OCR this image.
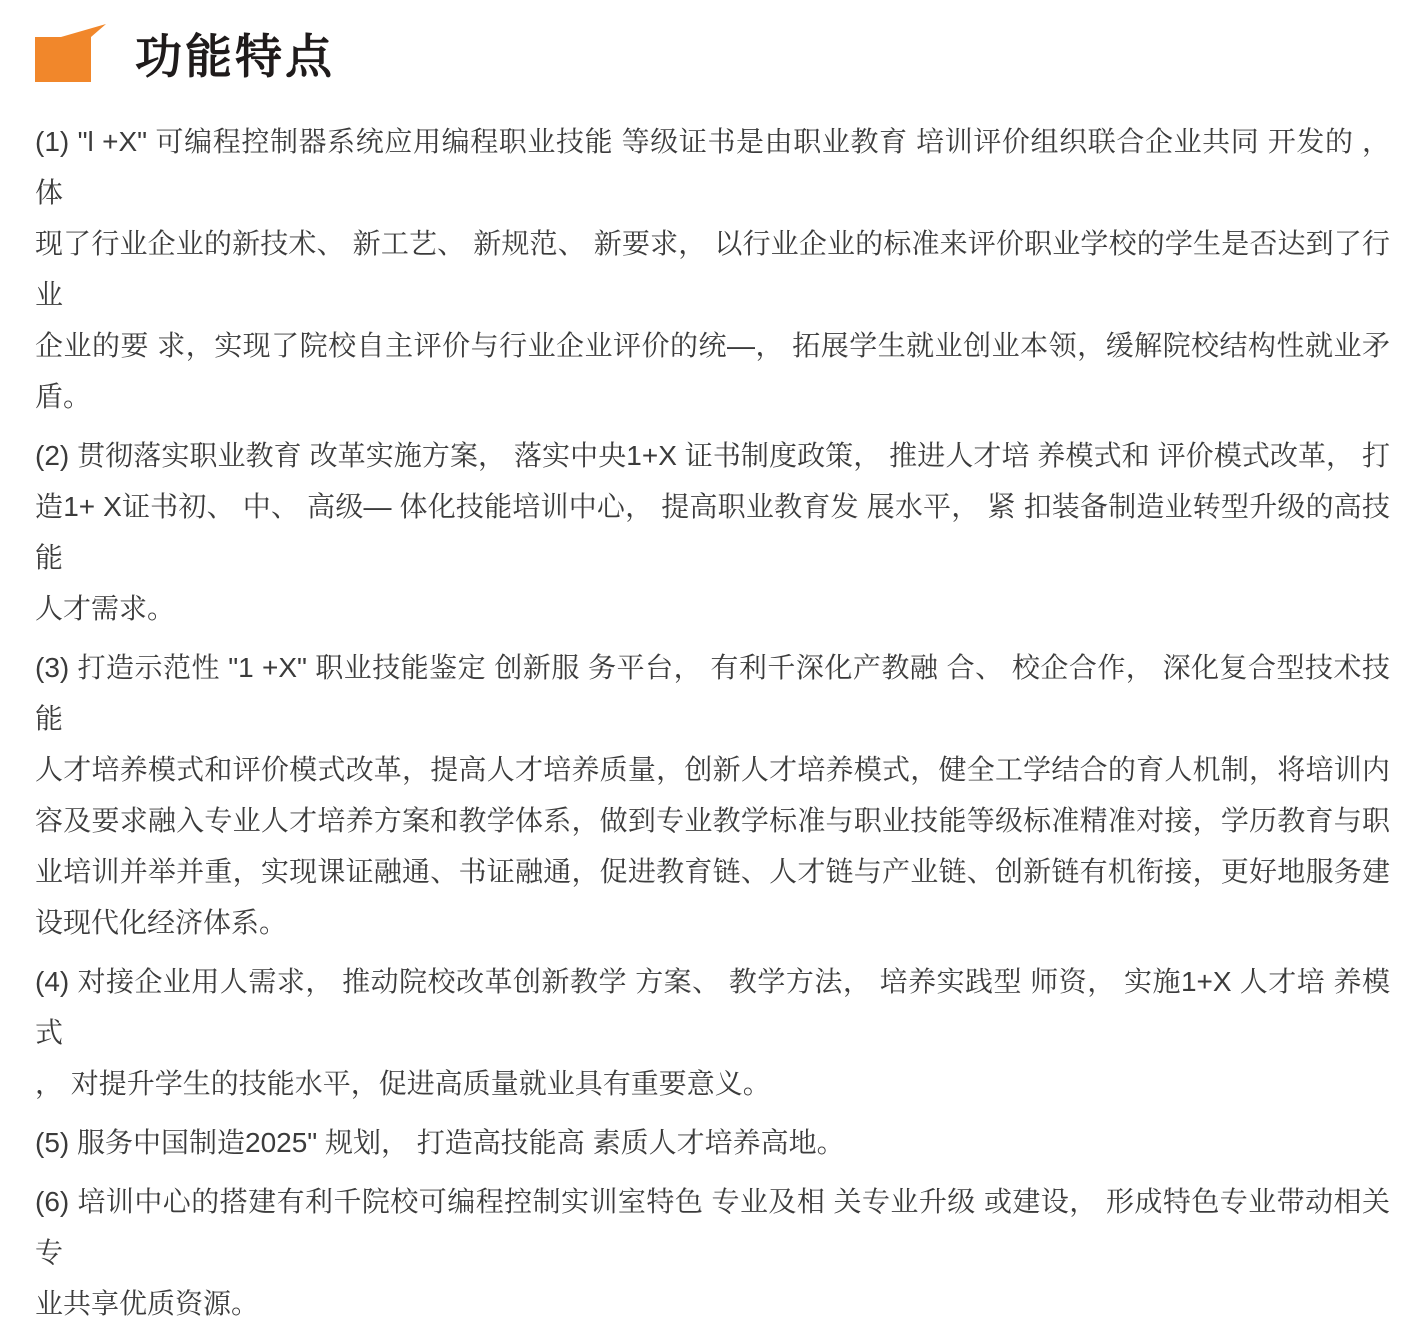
功能特点
(1) "l +X" 可编程控制器系统应用编程职业技能 等级证书是由职业教育 培训评价组织联合企业共同 开发的 ， 体
现了行业企业的新技术、 新工艺、 新规范、 新要求， 以行业企业的标准来评价职业学校的学生是否达到了行业
企业的要 求，实现了院校自主评价与行业企业评价的统—， 拓展学生就业创业本领，缓解院校结构性就业矛
盾。
(2) 贯彻落实职业教育 改革实施方案， 落实中央1+X 证书制度政策， 推进人才培 养模式和 评价模式改革， 打
造1+ X证书初、 中、 高级— 体化技能培训中心， 提高职业教育发 展水平， 紧 扣装备制造业转型升级的高技能
人才需求。
(3) 打造示范性 "1 +X" 职业技能鉴定 创新服 务平台， 有利千深化产教融 合、 校企合作， 深化复合型技术技能
人才培养模式和评价模式改革，提高人才培养质量，创新人才培养模式，健全工学结合的育人机制，将培训内
容及要求融入专业人才培养方案和教学体系，做到专业教学标准与职业技能等级标准精准对接，学历教育与职
业培训并举并重，实现课证融通、书证融通，促进教育链、人才链与产业链、创新链有机衔接，更好地服务建
设现代化经济体系。
(4) 对接企业用人需求， 推动院校改革创新教学 方案、 教学方法， 培养实践型 师资， 实施1+X 人才培 养模式
， 对提升学生的技能水平，促进高质量就业具有重要意义。
(5) 服务中国制造2025" 规划， 打造高技能高 素质人才培养高地。
(6) 培训中心的搭建有利千院校可编程控制实训室特色 专业及相 关专业升级 或建设， 形成特色专业带动相关专
业共享优质资源。
